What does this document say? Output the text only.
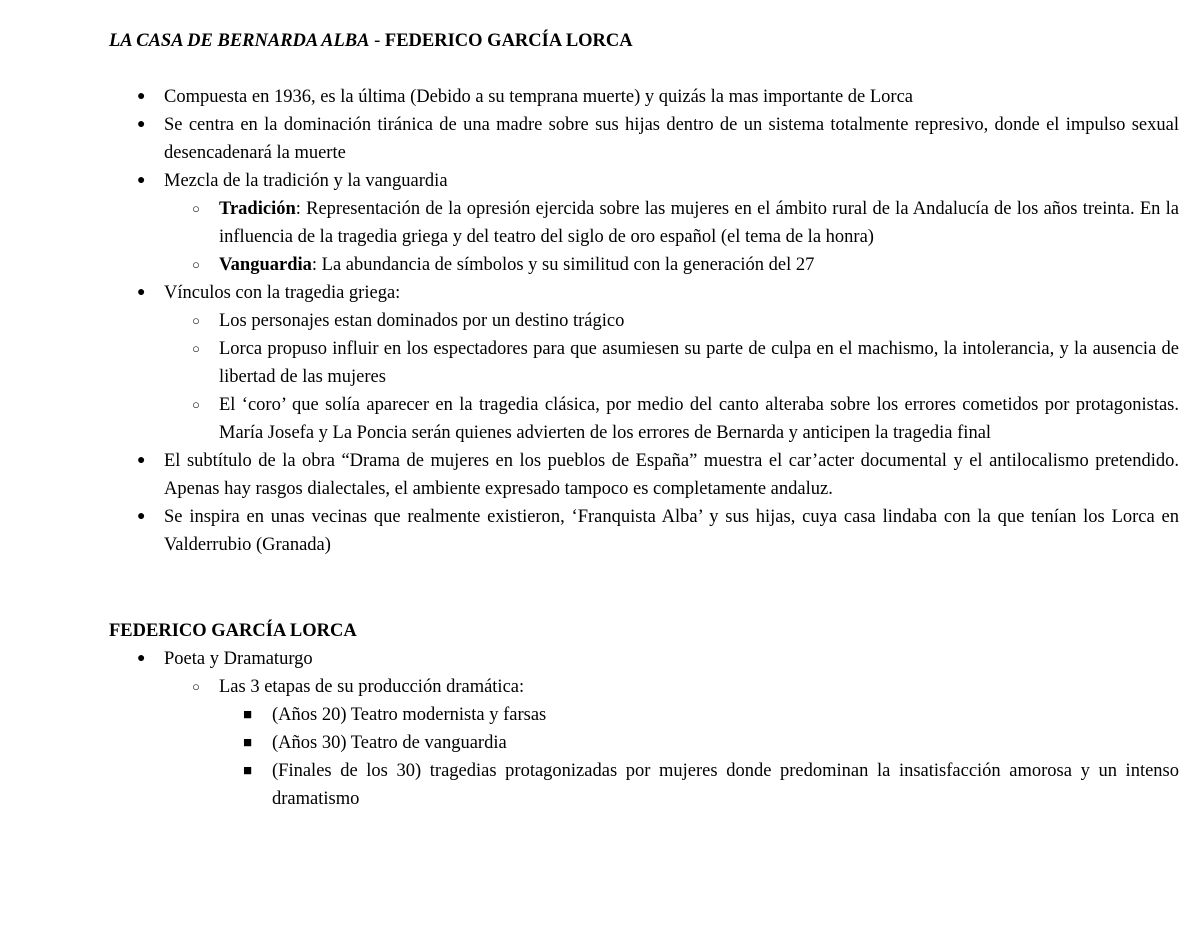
LA CASA DE BERNARDA ALBA - FEDERICO GARCÍA LORCA
● Compuesta en 1936, es la última (Debido a su temprana muerte) y quizás la mas importante de Lorca
● Se centra en la dominación tiránica de una madre sobre sus hijas dentro de un sistema totalmente represivo, donde el impulso sexual desencadenará la muerte
● Mezcla de la tradición y la vanguardia
○ Tradición: Representación de la opresión ejercida sobre las mujeres en el ámbito rural de la Andalucía de los años treinta. En la influencia de la tragedia griega y del teatro del siglo de oro español (el tema de la honra)
○ Vanguardia: La abundancia de símbolos y su similitud con la generación del 27
● Vínculos con la tragedia griega:
○ Los personajes estan dominados por un destino trágico
○ Lorca propuso influir en los espectadores para que asumiesen su parte de culpa en el machismo, la intolerancia, y la ausencia de libertad de las mujeres
○ El ‘coro’ que solía aparecer en la tragedia clásica, por medio del canto alteraba sobre los errores cometidos por protagonistas. María Josefa y La Poncia serán quienes advierten de los errores de Bernarda y anticipen la tragedia final
● El subtítulo de la obra “Drama de mujeres en los pueblos de España” muestra el car’acter documental y el antilocalismo pretendido. Apenas hay rasgos dialectales, el ambiente expresado tampoco es completamente andaluz.
● Se inspira en unas vecinas que realmente existieron, ‘Franquista Alba’ y sus hijas, cuya casa lindaba con la que tenían los Lorca en Valderrubio (Granada)
FEDERICO GARCÍA LORCA
● Poeta y Dramaturgo
○ Las 3 etapas de su producción dramática:
■ (Años 20) Teatro modernista y farsas
■ (Años 30) Teatro de vanguardia
■ (Finales de los 30) tragedias protagonizadas por mujeres donde predominan la insatisfacción amorosa y un intenso dramatismo
